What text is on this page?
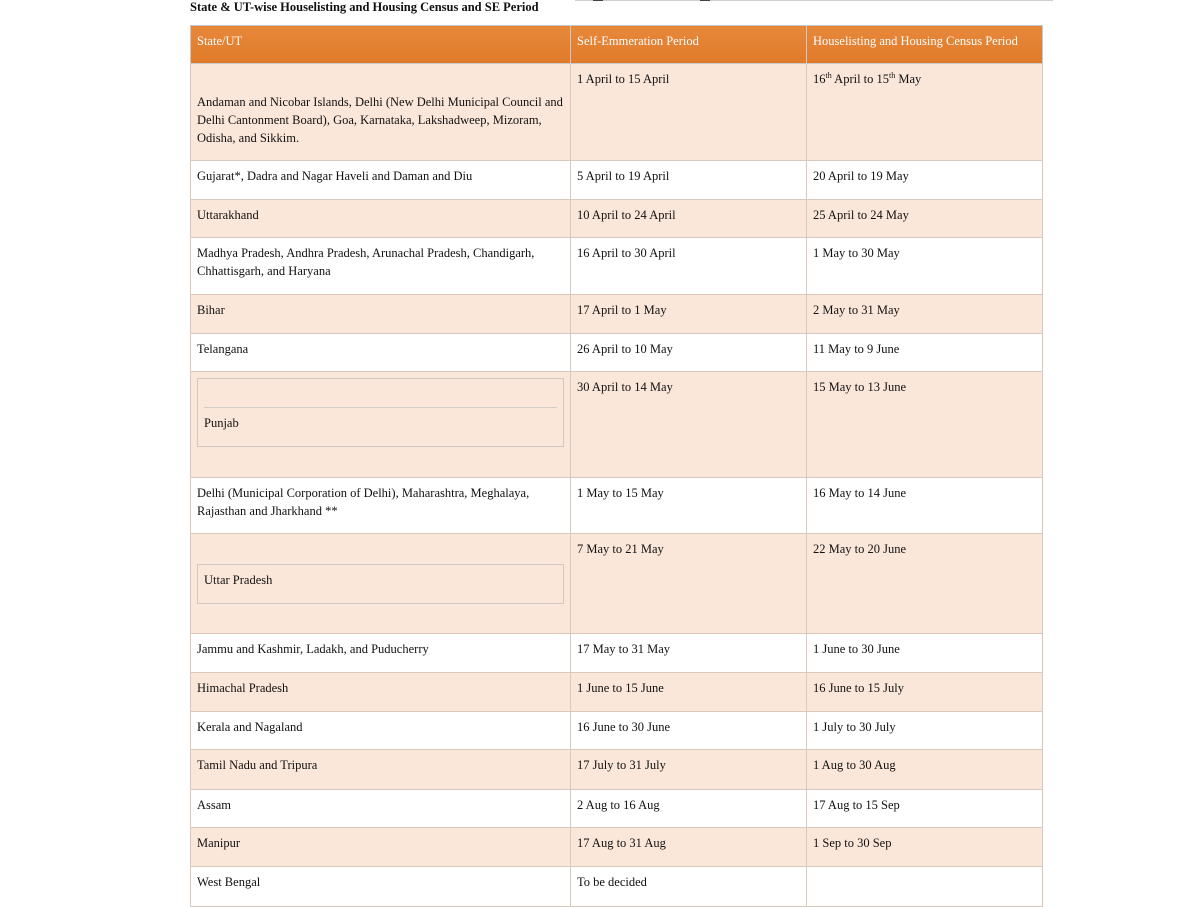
State & UT-wise Houselisting and Housing Census and SE Period
State/UT	Self-Emmeration Period	Houselisting and Housing Census Period
Andaman and Nicobar Islands, Delhi (New Delhi Municipal Council and Delhi Cantonment Board), Goa, Karnataka, Lakshadweep, Mizoram, Odisha, and Sikkim.	1 April to 15 April	16th April to 15th May
Gujarat*, Dadra and Nagar Haveli and Daman and Diu	5 April to 19 April	20 April to 19 May
Uttarakhand	10 April to 24 April	25 April to 24 May
Madhya Pradesh, Andhra Pradesh, Arunachal Pradesh, Chandigarh, Chhattisgarh, and Haryana	16 April to 30 April	1 May to 30 May
Bihar	17 April to 1 May	2 May to 31 May
Telangana	26 April to 10 May	11 May to 9 June

Punjab	30 April to 14 May	15 May to 13 June
Delhi (Municipal Corporation of Delhi), Maharashtra, Meghalaya, Rajasthan and Jharkhand **	1 May to 15 May	16 May to 14 June

Uttar Pradesh	7 May to 21 May	22 May to 20 June
Jammu and Kashmir, Ladakh, and Puducherry	17 May to 31 May	1 June to 30 June
Himachal Pradesh	1 June to 15 June	16 June to 15 July
Kerala and Nagaland	16 June to 30 June	1 July to 30 July
Tamil Nadu and Tripura	17 July to 31 July	1 Aug to 30 Aug
Assam	2 Aug to 16 Aug	17 Aug to 15 Sep
Manipur	17 Aug to 31 Aug	1 Sep to 30 Sep
West Bengal	To be decided	
